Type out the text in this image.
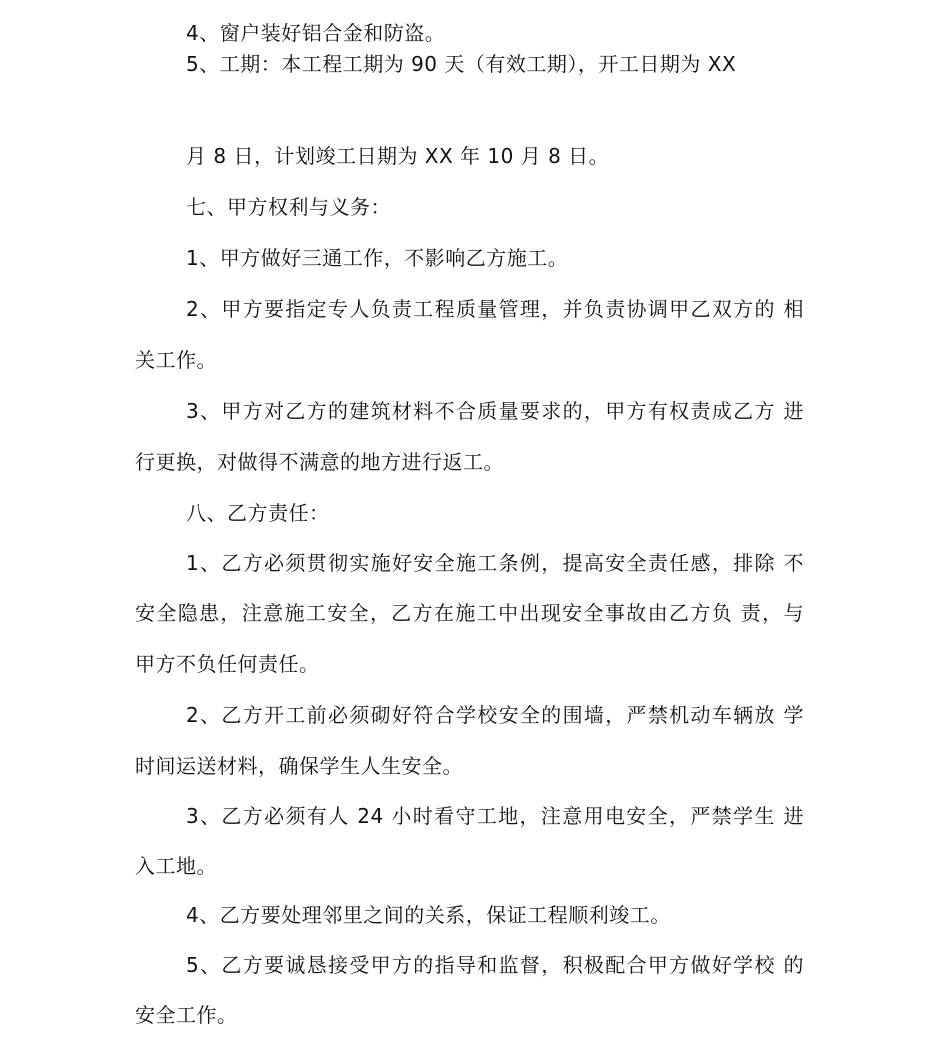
4、窗户装好铝合金和防盗。

5、工期：本工程工期为 90 天（有效工期），开工日期为 XX

月 8 日，计划竣工日期为 XX 年 10 月 8 日。

七、甲方权利与义务：

1、甲方做好三通工作，不影响乙方施工。

2、甲方要指定专人负责工程质量管理，并负责协调甲乙双方的 相

关工作。

3、甲方对乙方的建筑材料不合质量要求的，甲方有权责成乙方 进

行更换，对做得不满意的地方进行返工。

八、乙方责任：

1、乙方必须贯彻实施好安全施工条例，提高安全责任感，排除 不

安全隐患，注意施工安全，乙方在施工中出现安全事故由乙方负 责，与

甲方不负任何责任。

2、乙方开工前必须砌好符合学校安全的围墙，严禁机动车辆放 学

时间运送材料，确保学生人生安全。

3、乙方必须有人 24 小时看守工地，注意用电安全，严禁学生 进

入工地。

4、乙方要处理邻里之间的关系，保证工程顺利竣工。

5、乙方要诚恳接受甲方的指导和监督，积极配合甲方做好学校 的

安全工作。
